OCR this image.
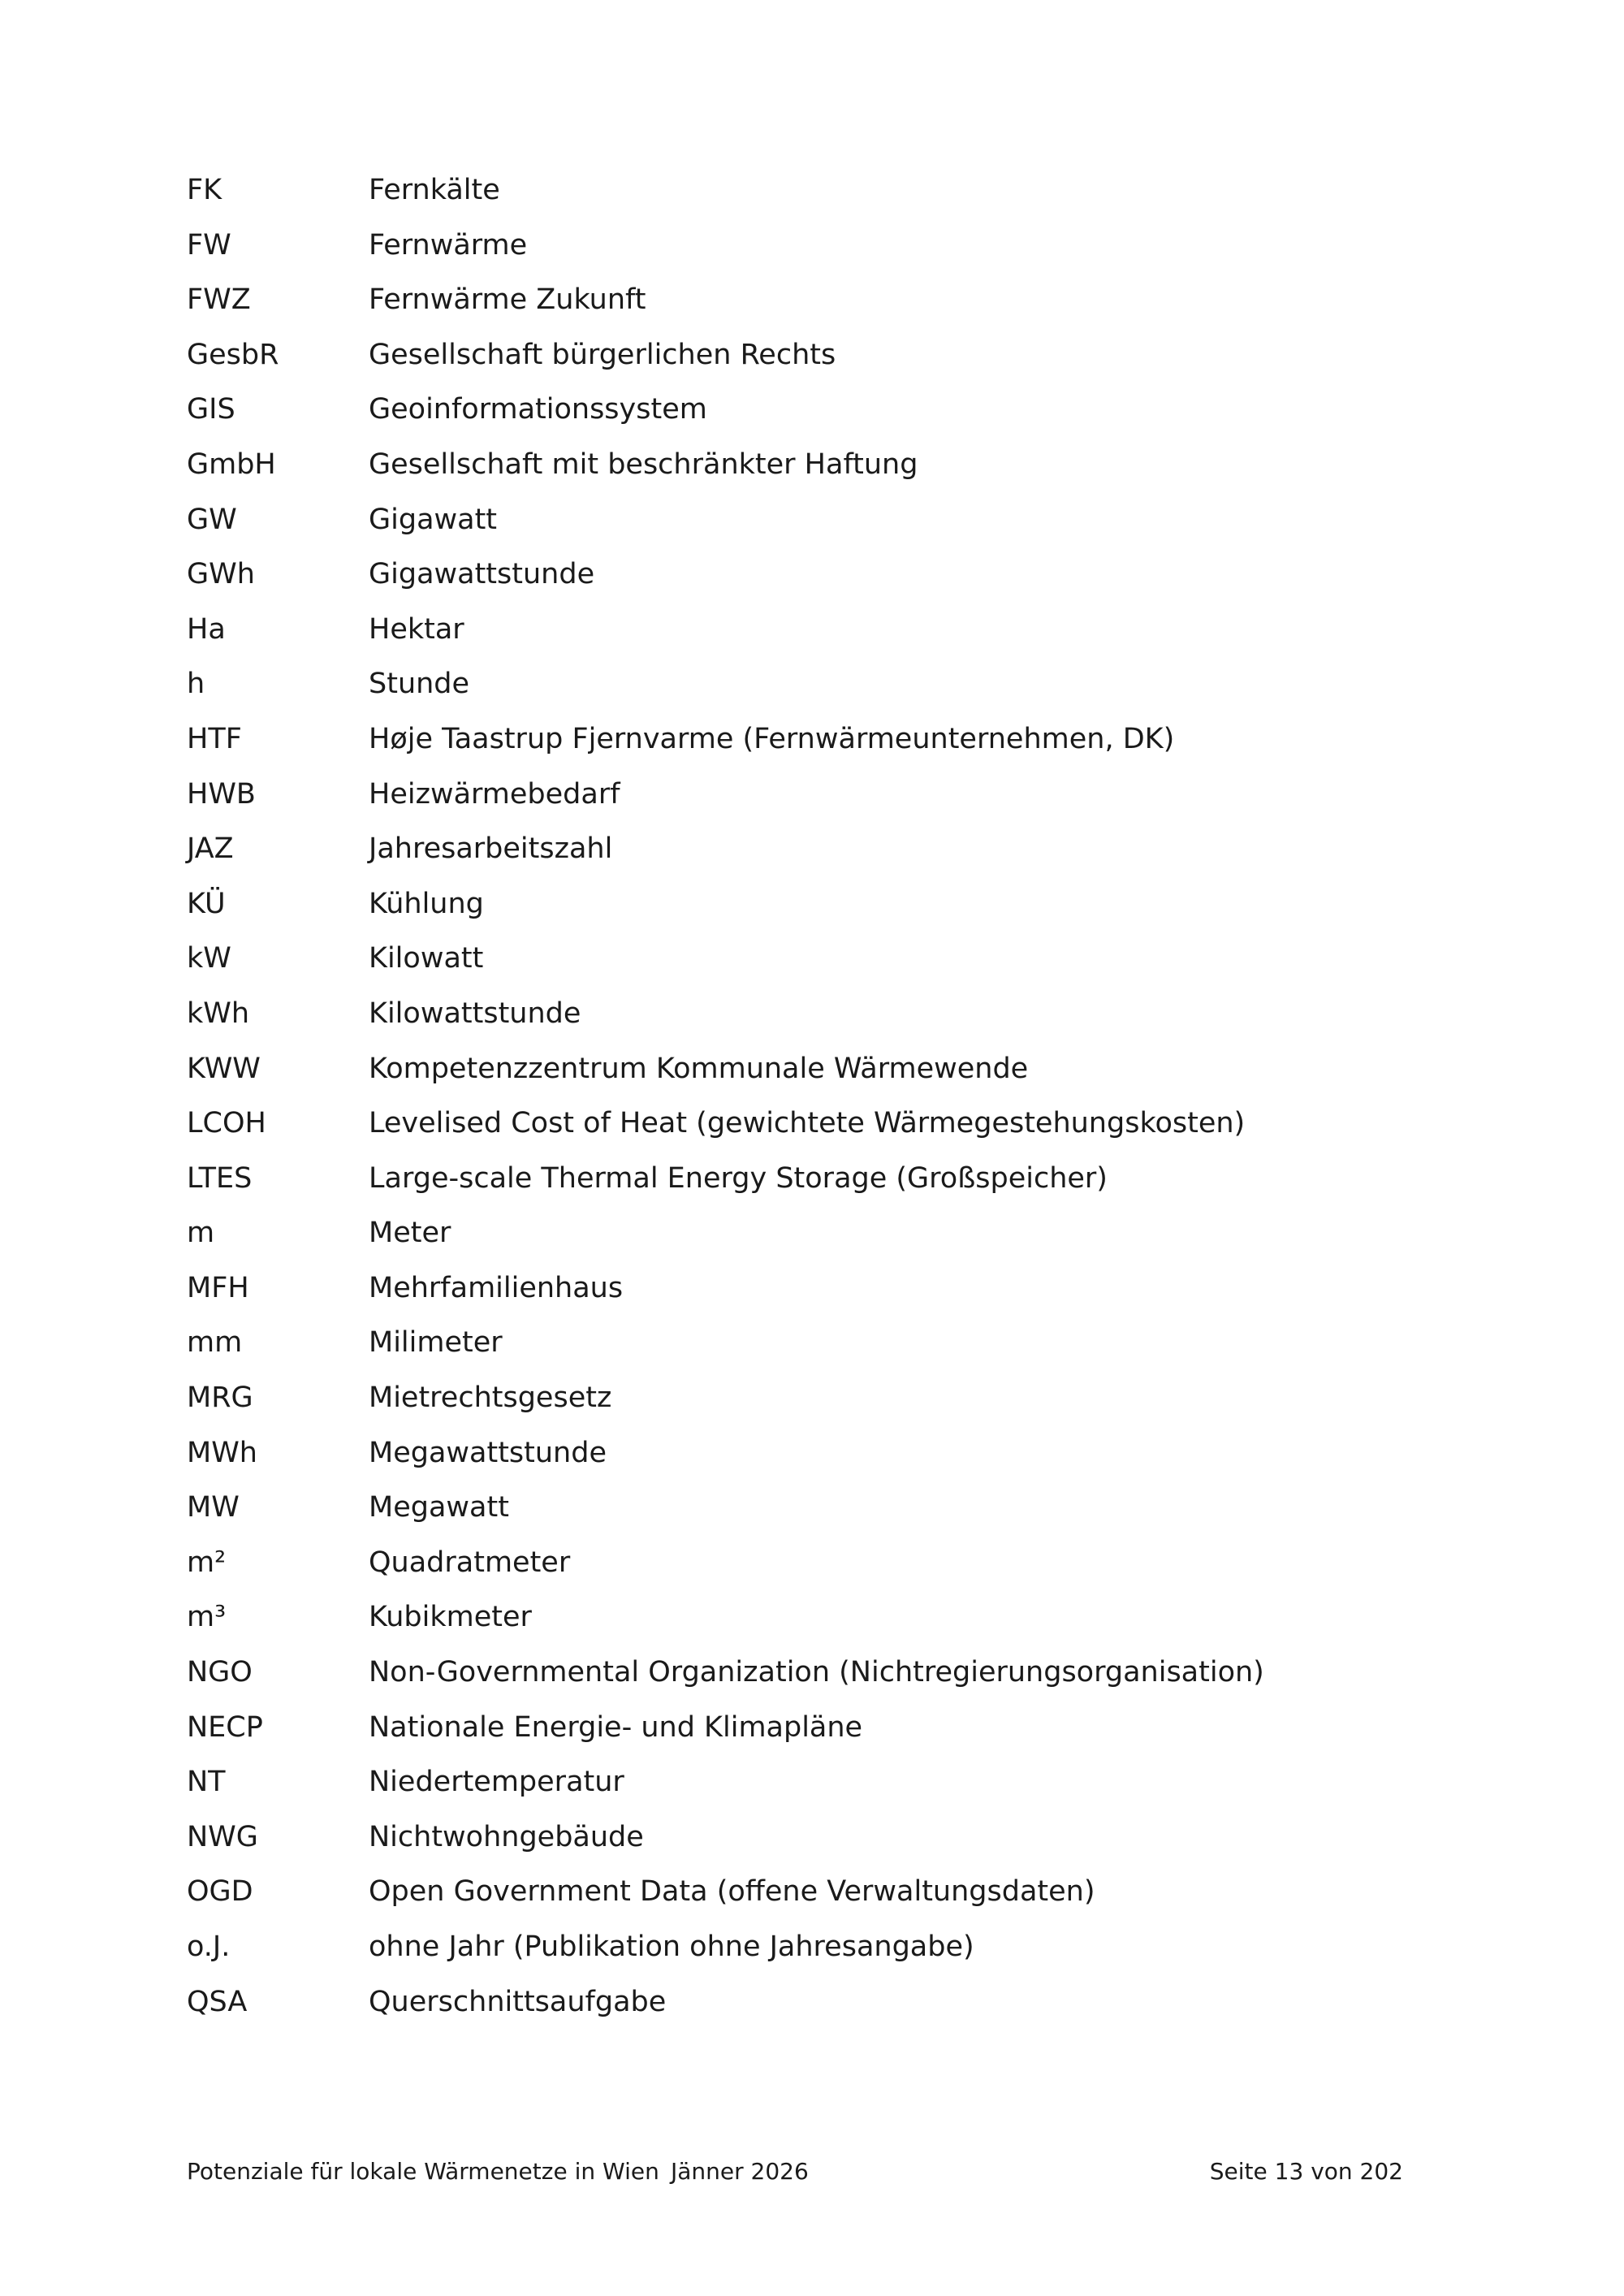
FK	Fernkälte
FW	Fernwärme
FWZ	Fernwärme Zukunft
GesbR	Gesellschaft bürgerlichen Rechts
GIS	Geoinformationssystem
GmbH	Gesellschaft mit beschränkter Haftung
GW	Gigawatt
GWh	Gigawattstunde
Ha	Hektar
h	Stunde
HTF	Høje Taastrup Fjernvarme (Fernwärmeunternehmen, DK)
HWB	Heizwärmebedarf
JAZ	Jahresarbeitszahl
KÜ	Kühlung
kW	Kilowatt
kWh	Kilowattstunde
KWW	Kompetenzzentrum Kommunale Wärmewende
LCOH	Levelised Cost of Heat (gewichtete Wärmegestehungskosten)
LTES	Large-scale Thermal Energy Storage (Großspeicher)
m	Meter
MFH	Mehrfamilienhaus
mm	Milimeter
MRG	Mietrechtsgesetz
MWh	Megawattstunde
MW	Megawatt
m²	Quadratmeter
m³	Kubikmeter
NGO	Non-Governmental Organization (Nichtregierungsorganisation)
NECP	Nationale Energie- und Klimapläne
NT	Niedertemperatur
NWG	Nichtwohngebäude
OGD	Open Government Data (offene Verwaltungsdaten)
o.J.	ohne Jahr (Publikation ohne Jahresangabe)
QSA	Querschnittsaufgabe
Potenziale für lokale Wärmenetze in Wien Jänner 2026	Seite 13 von 202
